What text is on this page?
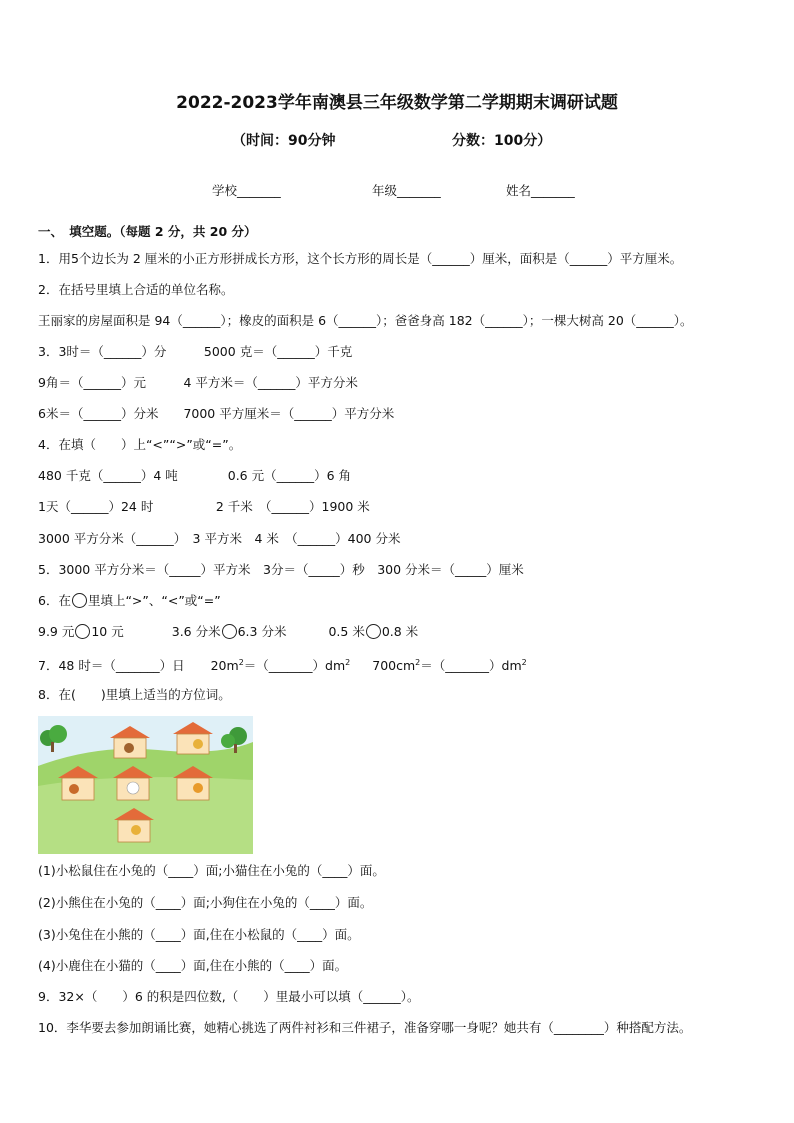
2022-2023学年南澳县三年级数学第二学期期末调研试题
（时间：90分钟	分数：100分）
学校_______	年级_______	姓名_______
一、　填空题。（每题 2 分，共 20 分）
1．用5个边长为 2 厘米的小正方形拼成长方形，这个长方形的周长是（______）厘米，面积是（______）平方厘米。
2．在括号里填上合适的单位名称。
王丽家的房屋面积是 94（______）；橡皮的面积是 6（______）；爸爸身高 182（______）；一棵大树高 20（______）。
3．3时＝（______）分　　　5000 克＝（______）千克
9角＝（______）元　　　4 平方米＝（______）平方分米
6米＝（______）分米　　7000 平方厘米＝（______）平方分米
4．在填（　　）上“<”“>”或“=”。
480 千克（______）4 吨　　　　0.6 元（______）6 角
1天（______）24 时　　　　　2 千米　（______）1900 米
3000 平方分米（______）　3 平方米　4 米　（______）400 分米
5．3000 平方分米＝（_____）平方米　3分＝（_____）秒　300 分米＝（_____）厘米
6．在 里填上“>”、“<”或“=”
9.9 元 10 元	3.6 分米 6.3 分米	0.5 米 0.8 米
7．48 时＝（_______）日 $20m^2=(\_\_\_\_\_\_\_)dm^2$ $700cm^2=(\_\_\_\_\_\_\_)dm^2$
8．在(　　)里填上适当的方位词。
(1)小松鼠住在小兔的（____）面;小猫住在小兔的（____）面。
(2)小熊住在小兔的（____）面;小狗住在小兔的（____）面。
(3)小兔住在小熊的（____）面,住在小松鼠的（____）面。
(4)小鹿住在小猫的（____）面,住在小熊的（____）面。
9．32×（　　）6 的积是四位数,（　　）里最小可以填（______）。
10．李华要去参加朗诵比赛，她精心挑选了两件衬衫和三件裙子，准备穿哪一身呢？她共有（________）种搭配方法。
